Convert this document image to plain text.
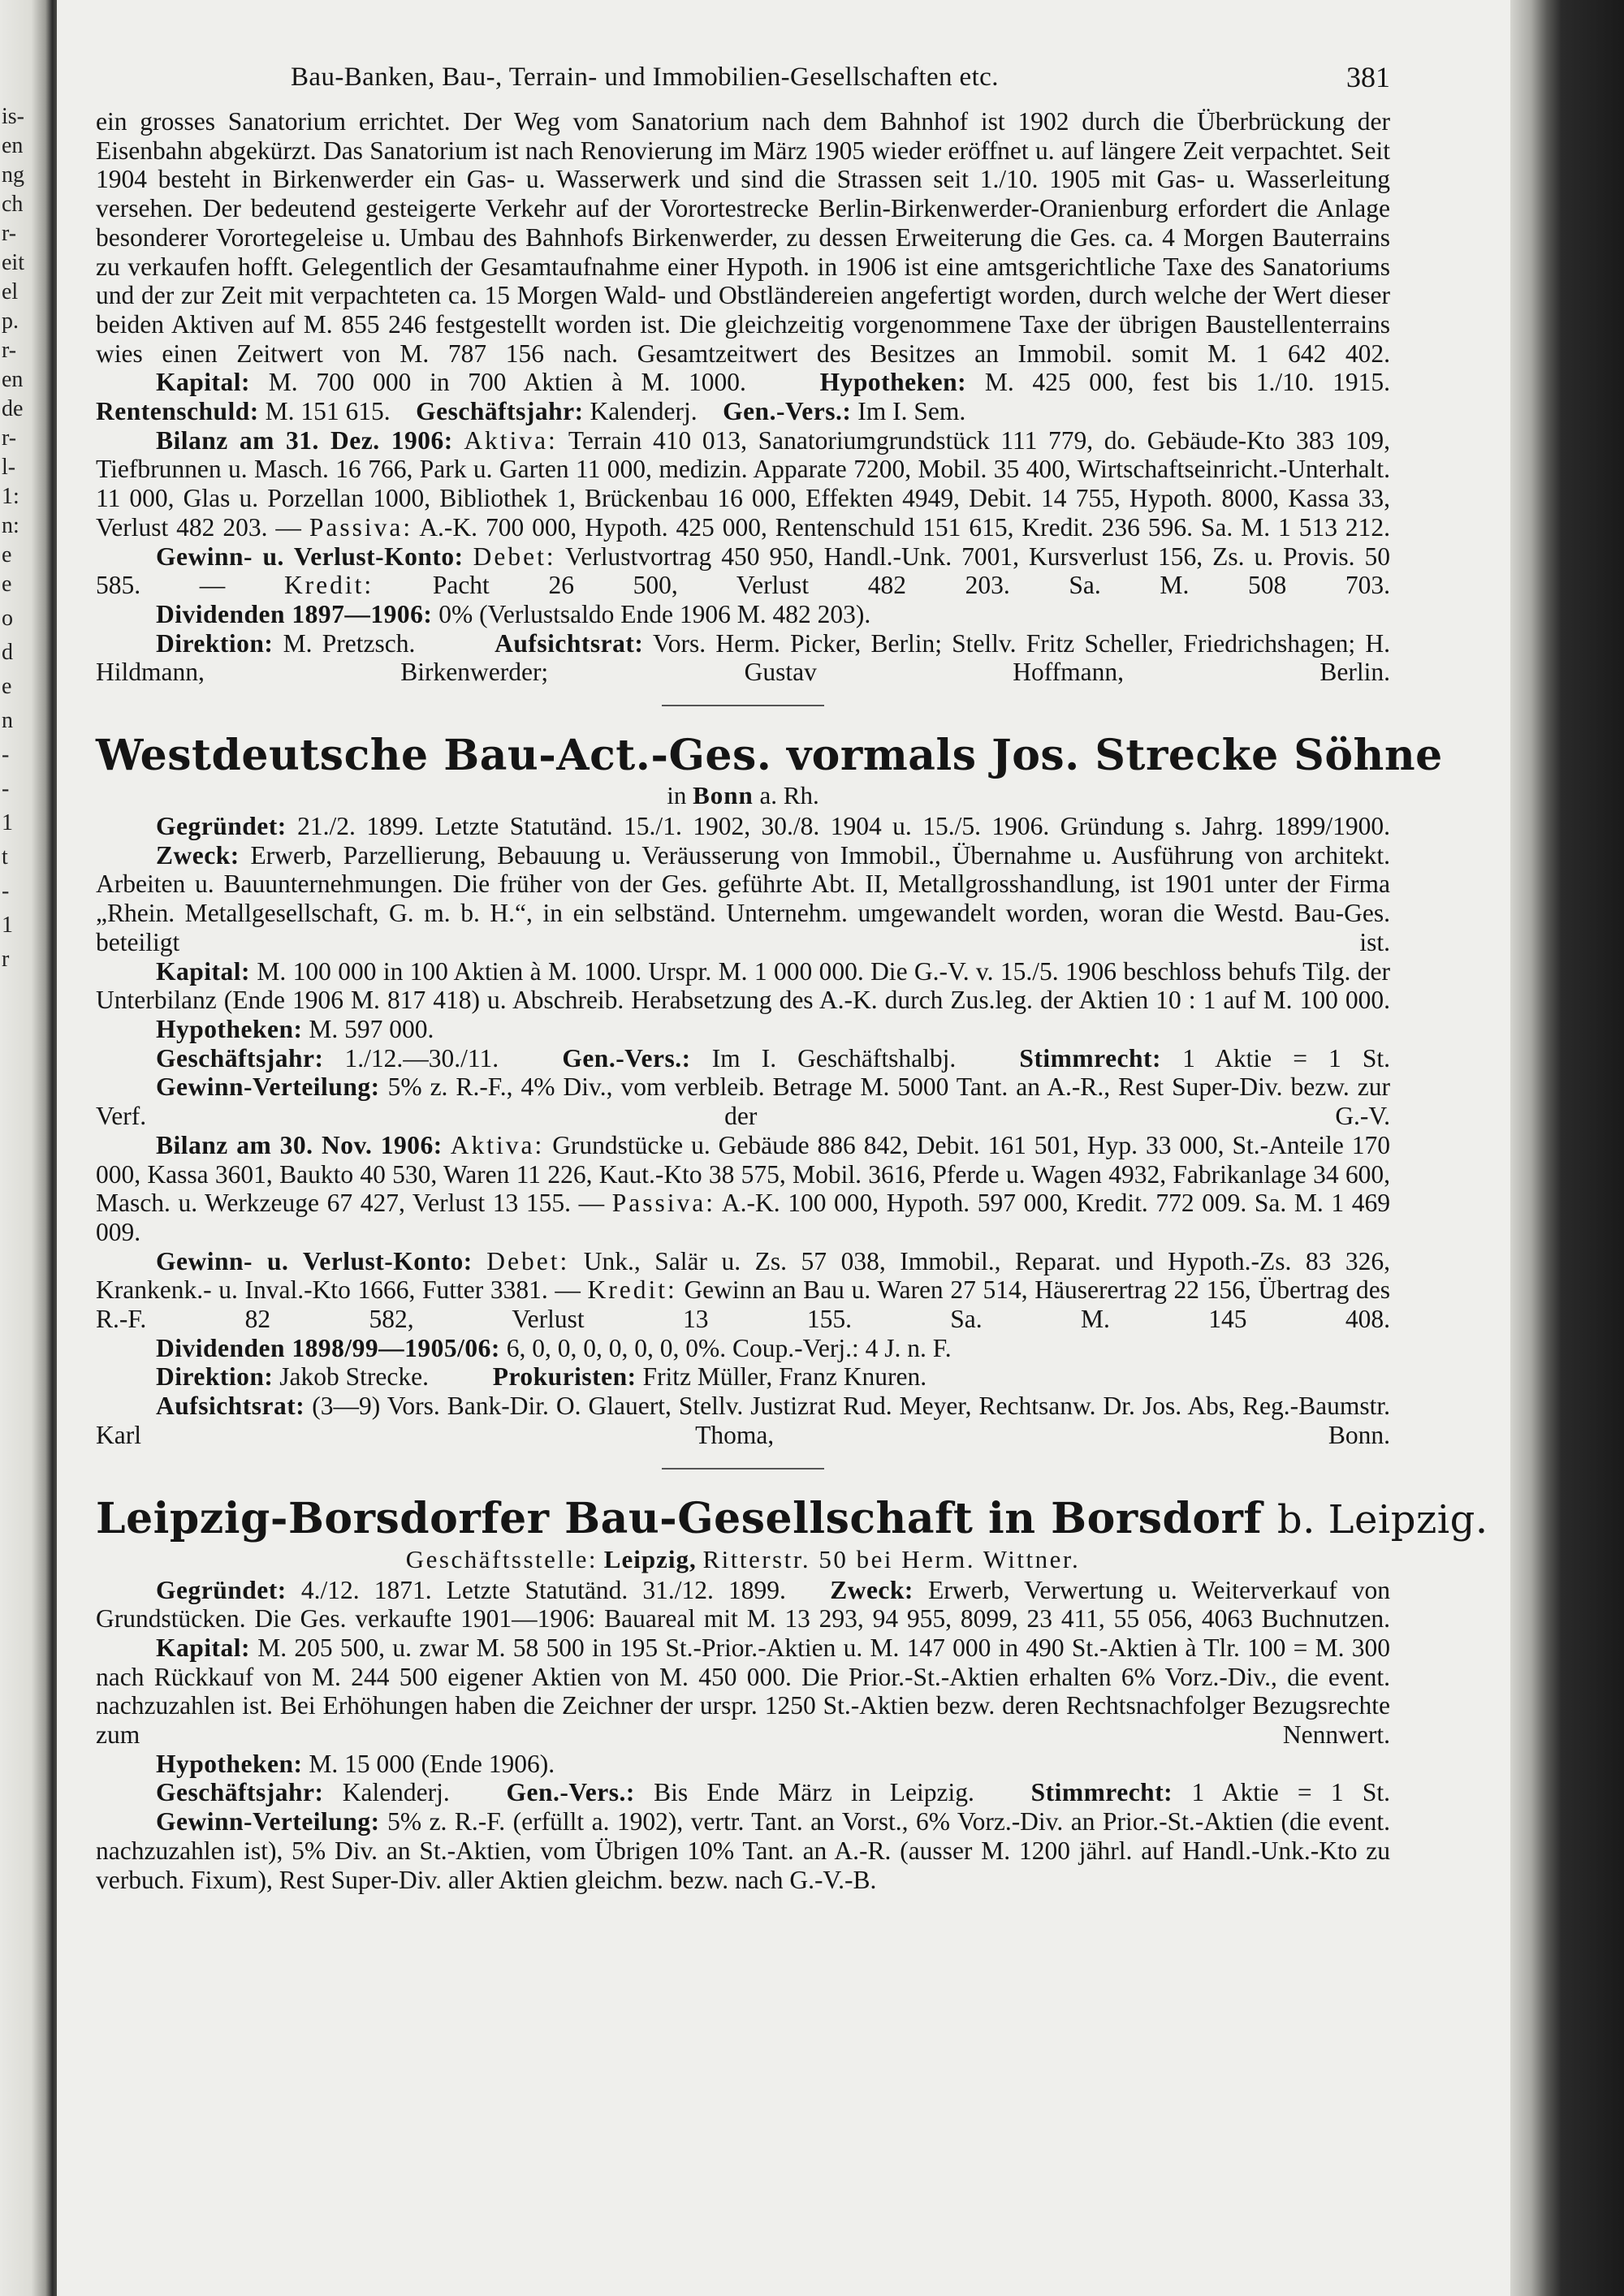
is-
en
ng
ch
r-
eit
el
p.
r-
en
de
r-
l-
1:
n:
e
e
o
d
e
n
-
-
1
t
-
1
r
Bau-Banken, Bau-, Terrain- und Immobilien-Gesellschaften etc.	381

ein grosses Sanatorium errichtet. Der Weg vom Sanatorium nach dem Bahnhof ist 1902 durch die Überbrückung der Eisenbahn abgekürzt. Das Sanatorium ist nach Renovierung im März 1905 wieder eröffnet u. auf längere Zeit verpachtet. Seit 1904 besteht in Birkenwerder ein Gas- u. Wasserwerk und sind die Strassen seit 1./10. 1905 mit Gas- u. Wasserleitung versehen. Der bedeutend gesteigerte Verkehr auf der Vorortestrecke Berlin-Birkenwerder-Oranienburg erfordert die Anlage besonderer Vorortegeleise u. Umbau des Bahnhofs Birkenwerder, zu dessen Erweiterung die Ges. ca. 4 Morgen Bauterrains zu verkaufen hofft. Gelegentlich der Gesamtaufnahme einer Hypoth. in 1906 ist eine amtsgerichtliche Taxe des Sanatoriums und der zur Zeit mit verpachteten ca. 15 Morgen Wald- und Obstländereien angefertigt worden, durch welche der Wert dieser beiden Aktiven auf M. 855 246 festgestellt worden ist. Die gleichzeitig vorgenommene Taxe der übrigen Baustellenterrains wies einen Zeitwert von M. 787 156 nach. Gesamtzeitwert des Besitzes an Immobil. somit M. 1 642 402.

Kapital: M. 700 000 in 700 Aktien à M. 1000.	Hypotheken: M. 425 000, fest bis 1./10. 1915.

Rentenschuld: M. 151 615. Geschäftsjahr: Kalenderj. Gen.-Vers.: Im I. Sem.

Bilanz am 31. Dez. 1906: Aktiva: Terrain 410 013, Sanatoriumgrundstück 111 779, do. Gebäude-Kto 383 109, Tiefbrunnen u. Masch. 16 766, Park u. Garten 11 000, medizin. Apparate 7200, Mobil. 35 400, Wirtschaftseinricht.-Unterhalt. 11 000, Glas u. Porzellan 1000, Bibliothek 1, Brückenbau 16 000, Effekten 4949, Debit. 14 755, Hypoth. 8000, Kassa 33, Verlust 482 203. — Passiva: A.-K. 700 000, Hypoth. 425 000, Rentenschuld 151 615, Kredit. 236 596. Sa. M. 1 513 212.

Gewinn- u. Verlust-Konto: Debet: Verlustvortrag 450 950, Handl.-Unk. 7001, Kursverlust 156, Zs. u. Provis. 50 585. — Kredit: Pacht 26 500, Verlust 482 203. Sa. M. 508 703.

Dividenden 1897—1906: 0% (Verlustsaldo Ende 1906 M. 482 203).

Direktion: M. Pretzsch.	Aufsichtsrat: Vors. Herm. Picker, Berlin; Stellv. Fritz Scheller, Friedrichshagen; H. Hildmann, Birkenwerder; Gustav Hoffmann, Berlin.

Westdeutsche Bau-Act.-Ges. vormals Jos. Strecke Söhne
in Bonn a. Rh.

Gegründet: 21./2. 1899. Letzte Statutänd. 15./1. 1902, 30./8. 1904 u. 15./5. 1906. Gründung s. Jahrg. 1899/1900.

Zweck: Erwerb, Parzellierung, Bebauung u. Veräusserung von Immobil., Übernahme u. Ausführung von architekt. Arbeiten u. Bauunternehmungen. Die früher von der Ges. geführte Abt. II, Metallgrosshandlung, ist 1901 unter der Firma „Rhein. Metallgesellschaft, G. m. b. H.“, in ein selbständ. Unternehm. umgewandelt worden, woran die Westd. Bau-Ges. beteiligt ist.

Kapital: M. 100 000 in 100 Aktien à M. 1000. Urspr. M. 1 000 000. Die G.-V. v. 15./5. 1906 beschloss behufs Tilg. der Unterbilanz (Ende 1906 M. 817 418) u. Abschreib. Herabsetzung des A.-K. durch Zus.leg. der Aktien 10 : 1 auf M. 100 000.

Hypotheken: M. 597 000.

Geschäftsjahr: 1./12.—30./11. Gen.-Vers.: Im I. Geschäftshalbj. Stimmrecht: 1 Aktie = 1 St.

Gewinn-Verteilung: 5% z. R.-F., 4% Div., vom verbleib. Betrage M. 5000 Tant. an A.-R., Rest Super-Div. bezw. zur Verf. der G.-V.

Bilanz am 30. Nov. 1906: Aktiva: Grundstücke u. Gebäude 886 842, Debit. 161 501, Hyp. 33 000, St.-Anteile 170 000, Kassa 3601, Baukto 40 530, Waren 11 226, Kaut.-Kto 38 575, Mobil. 3616, Pferde u. Wagen 4932, Fabrikanlage 34 600, Masch. u. Werkzeuge 67 427, Verlust 13 155. — Passiva: A.-K. 100 000, Hypoth. 597 000, Kredit. 772 009. Sa. M. 1 469 009.

Gewinn- u. Verlust-Konto: Debet: Unk., Salär u. Zs. 57 038, Immobil., Reparat. und Hypoth.-Zs. 83 326, Krankenk.- u. Inval.-Kto 1666, Futter 3381. — Kredit: Gewinn an Bau u. Waren 27 514, Häuserertrag 22 156, Übertrag des R.-F. 82 582, Verlust 13 155. Sa. M. 145 408.

Dividenden 1898/99—1905/06: 6, 0, 0, 0, 0, 0, 0, 0%. Coup.-Verj.: 4 J. n. F.

Direktion: Jakob Strecke.	Prokuristen: Fritz Müller, Franz Knuren.

Aufsichtsrat: (3—9) Vors. Bank-Dir. O. Glauert, Stellv. Justizrat Rud. Meyer, Rechtsanw. Dr. Jos. Abs, Reg.-Baumstr. Karl Thoma, Bonn.

Leipzig-Borsdorfer Bau-Gesellschaft in Borsdorf b. Leipzig.
Geschäftsstelle: Leipzig, Ritterstr. 50 bei Herm. Wittner.

Gegründet: 4./12. 1871. Letzte Statutänd. 31./12. 1899. Zweck: Erwerb, Verwertung u. Weiterverkauf von Grundstücken. Die Ges. verkaufte 1901—1906: Bauareal mit M. 13 293, 94 955, 8099, 23 411, 55 056, 4063 Buchnutzen.

Kapital: M. 205 500, u. zwar M. 58 500 in 195 St.-Prior.-Aktien u. M. 147 000 in 490 St.-Aktien à Tlr. 100 = M. 300 nach Rückkauf von M. 244 500 eigener Aktien von M. 450 000. Die Prior.-St.-Aktien erhalten 6% Vorz.-Div., die event. nachzuzahlen ist. Bei Erhöhungen haben die Zeichner der urspr. 1250 St.-Aktien bezw. deren Rechtsnachfolger Bezugsrechte zum Nennwert.

Hypotheken: M. 15 000 (Ende 1906).

Geschäftsjahr: Kalenderj. Gen.-Vers.: Bis Ende März in Leipzig. Stimmrecht: 1 Aktie = 1 St.

Gewinn-Verteilung: 5% z. R.-F. (erfüllt a. 1902), vertr. Tant. an Vorst., 6% Vorz.-Div. an Prior.-St.-Aktien (die event. nachzuzahlen ist), 5% Div. an St.-Aktien, vom Übrigen 10% Tant. an A.-R. (ausser M. 1200 jährl. auf Handl.-Unk.-Kto zu verbuch. Fixum), Rest Super-Div. aller Aktien gleichm. bezw. nach G.-V.-B.
